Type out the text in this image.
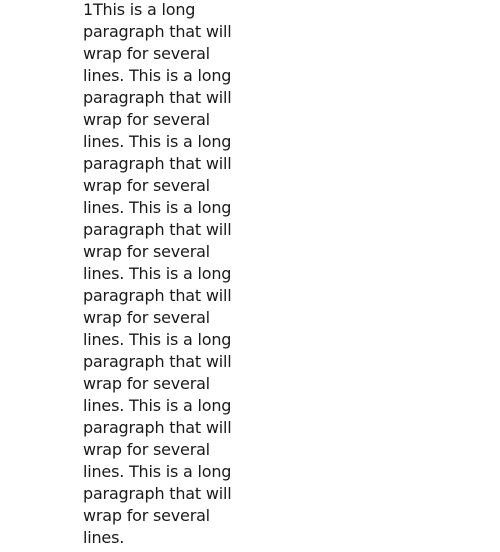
1This is a long paragraph that will wrap for several lines. This is a long paragraph that will wrap for several lines. This is a long paragraph that will wrap for several lines. This is a long paragraph that will wrap for several lines. This is a long paragraph that will wrap for several lines. This is a long paragraph that will wrap for several lines. This is a long paragraph that will wrap for several lines. This is a long paragraph that will wrap for several lines.
